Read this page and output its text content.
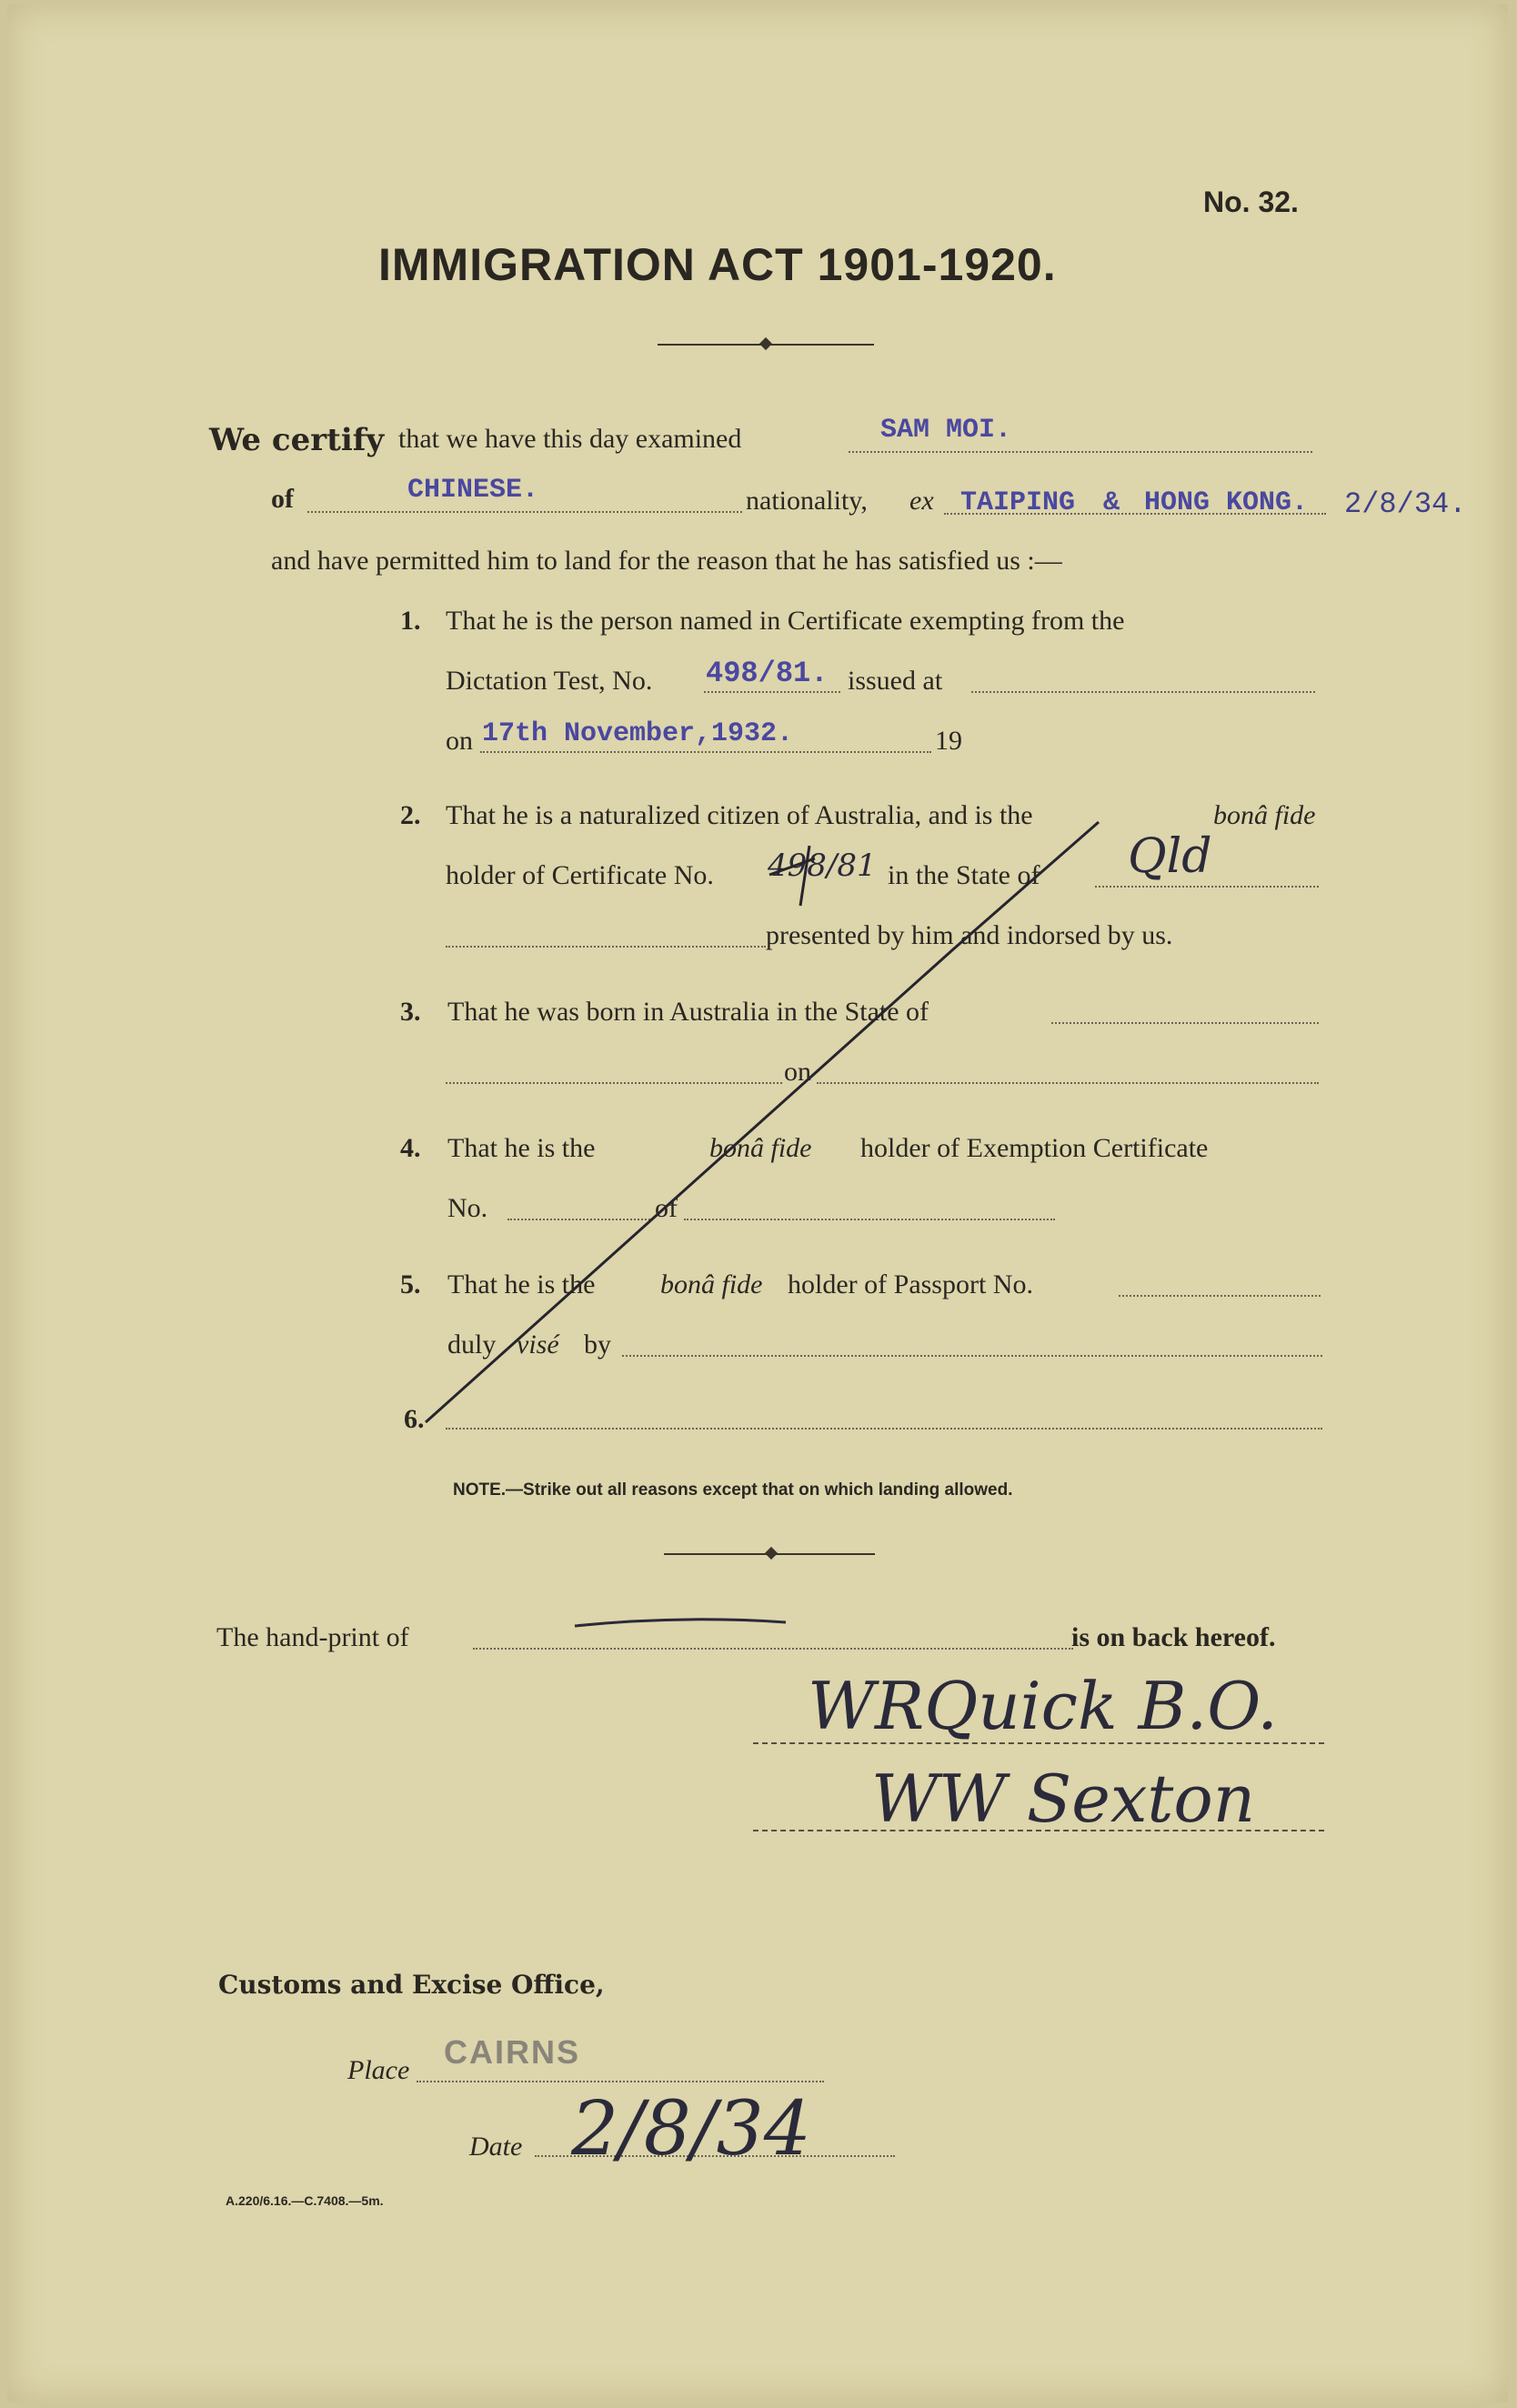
No. 32.
IMMIGRATION ACT 1901-1920.
We certify that we have this day examined	SAM MOI.
of	CHINESE.	nationality, ex TAIPING & HONG KONG. 2/8/34.
and have permitted him to land for the reason that he has satisfied us :—
1. That he is the person named in Certificate exempting from the
Dictation Test, No. 498/81. issued at
on 17th November,1932.	19
2. That he is a naturalized citizen of Australia, and is the	bonâ fide
holder of Certificate No. 498/81 in the State of Qld
presented by him and indorsed by us.
3. That he was born in Australia in the State of
on
4. That he is the	bonâ fide holder of Exemption Certificate
No.	of
5. That he is the bonâ fide holder of Passport No.
duly visé by
6.
NOTE.—Strike out all reasons except that on which landing allowed.
The hand-print of	is on back hereof.
WRQuick B.O.
WW Sexton
Customs and Excise Office,
Place CAIRNS
Date 2/8/34
A.220/6.16.—C.7408.—5m.
